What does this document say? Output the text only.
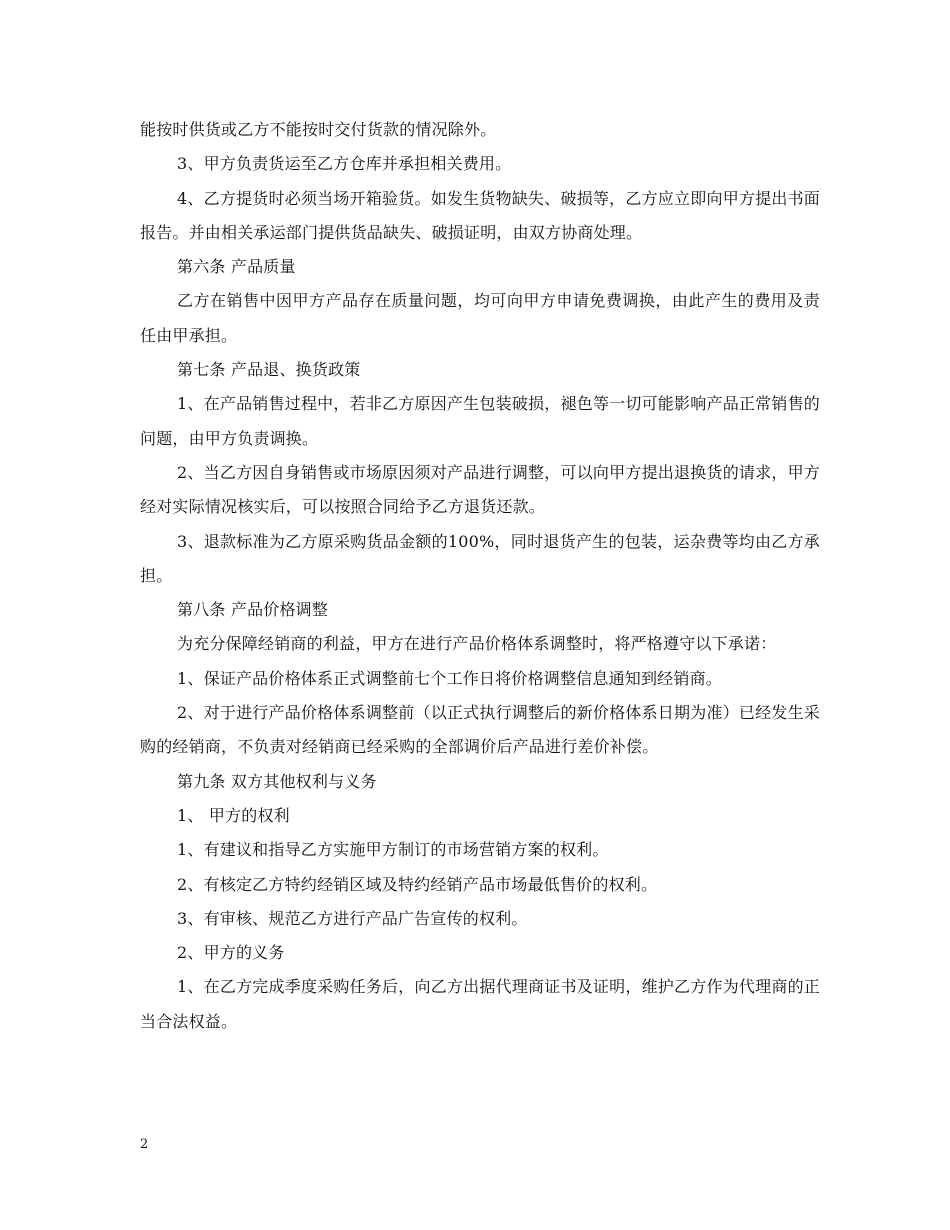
能按时供货或乙方不能按时交付货款的情况除外。

3、甲方负责货运至乙方仓库并承担相关费用。

4、乙方提货时必须当场开箱验货。如发生货物缺失、破损等，乙方应立即向甲方提出书面报告。并由相关承运部门提供货品缺失、破损证明，由双方协商处理。

第六条 产品质量

乙方在销售中因甲方产品存在质量问题，均可向甲方申请免费调换，由此产生的费用及责任由甲承担。

第七条 产品退、换货政策

1、在产品销售过程中，若非乙方原因产生包装破损，褪色等一切可能影响产品正常销售的问题，由甲方负责调换。

2、当乙方因自身销售或市场原因须对产品进行调整，可以向甲方提出退换货的请求，甲方经对实际情况核实后，可以按照合同给予乙方退货还款。

3、退款标准为乙方原采购货品金额的100%，同时退货产生的包装，运杂费等均由乙方承担。

第八条 产品价格调整

为充分保障经销商的利益，甲方在进行产品价格体系调整时，将严格遵守以下承诺：

1、保证产品价格体系正式调整前七个工作日将价格调整信息通知到经销商。

2、对于进行产品价格体系调整前（以正式执行调整后的新价格体系日期为准）已经发生采购的经销商，不负责对经销商已经采购的全部调价后产品进行差价补偿。

第九条 双方其他权利与义务

1、 甲方的权利

1、有建议和指导乙方实施甲方制订的市场营销方案的权利。

2、有核定乙方特约经销区域及特约经销产品市场最低售价的权利。

3、有审核、规范乙方进行产品广告宣传的权利。

2、甲方的义务

1、在乙方完成季度采购任务后，向乙方出据代理商证书及证明，维护乙方作为代理商的正当合法权益。

2
